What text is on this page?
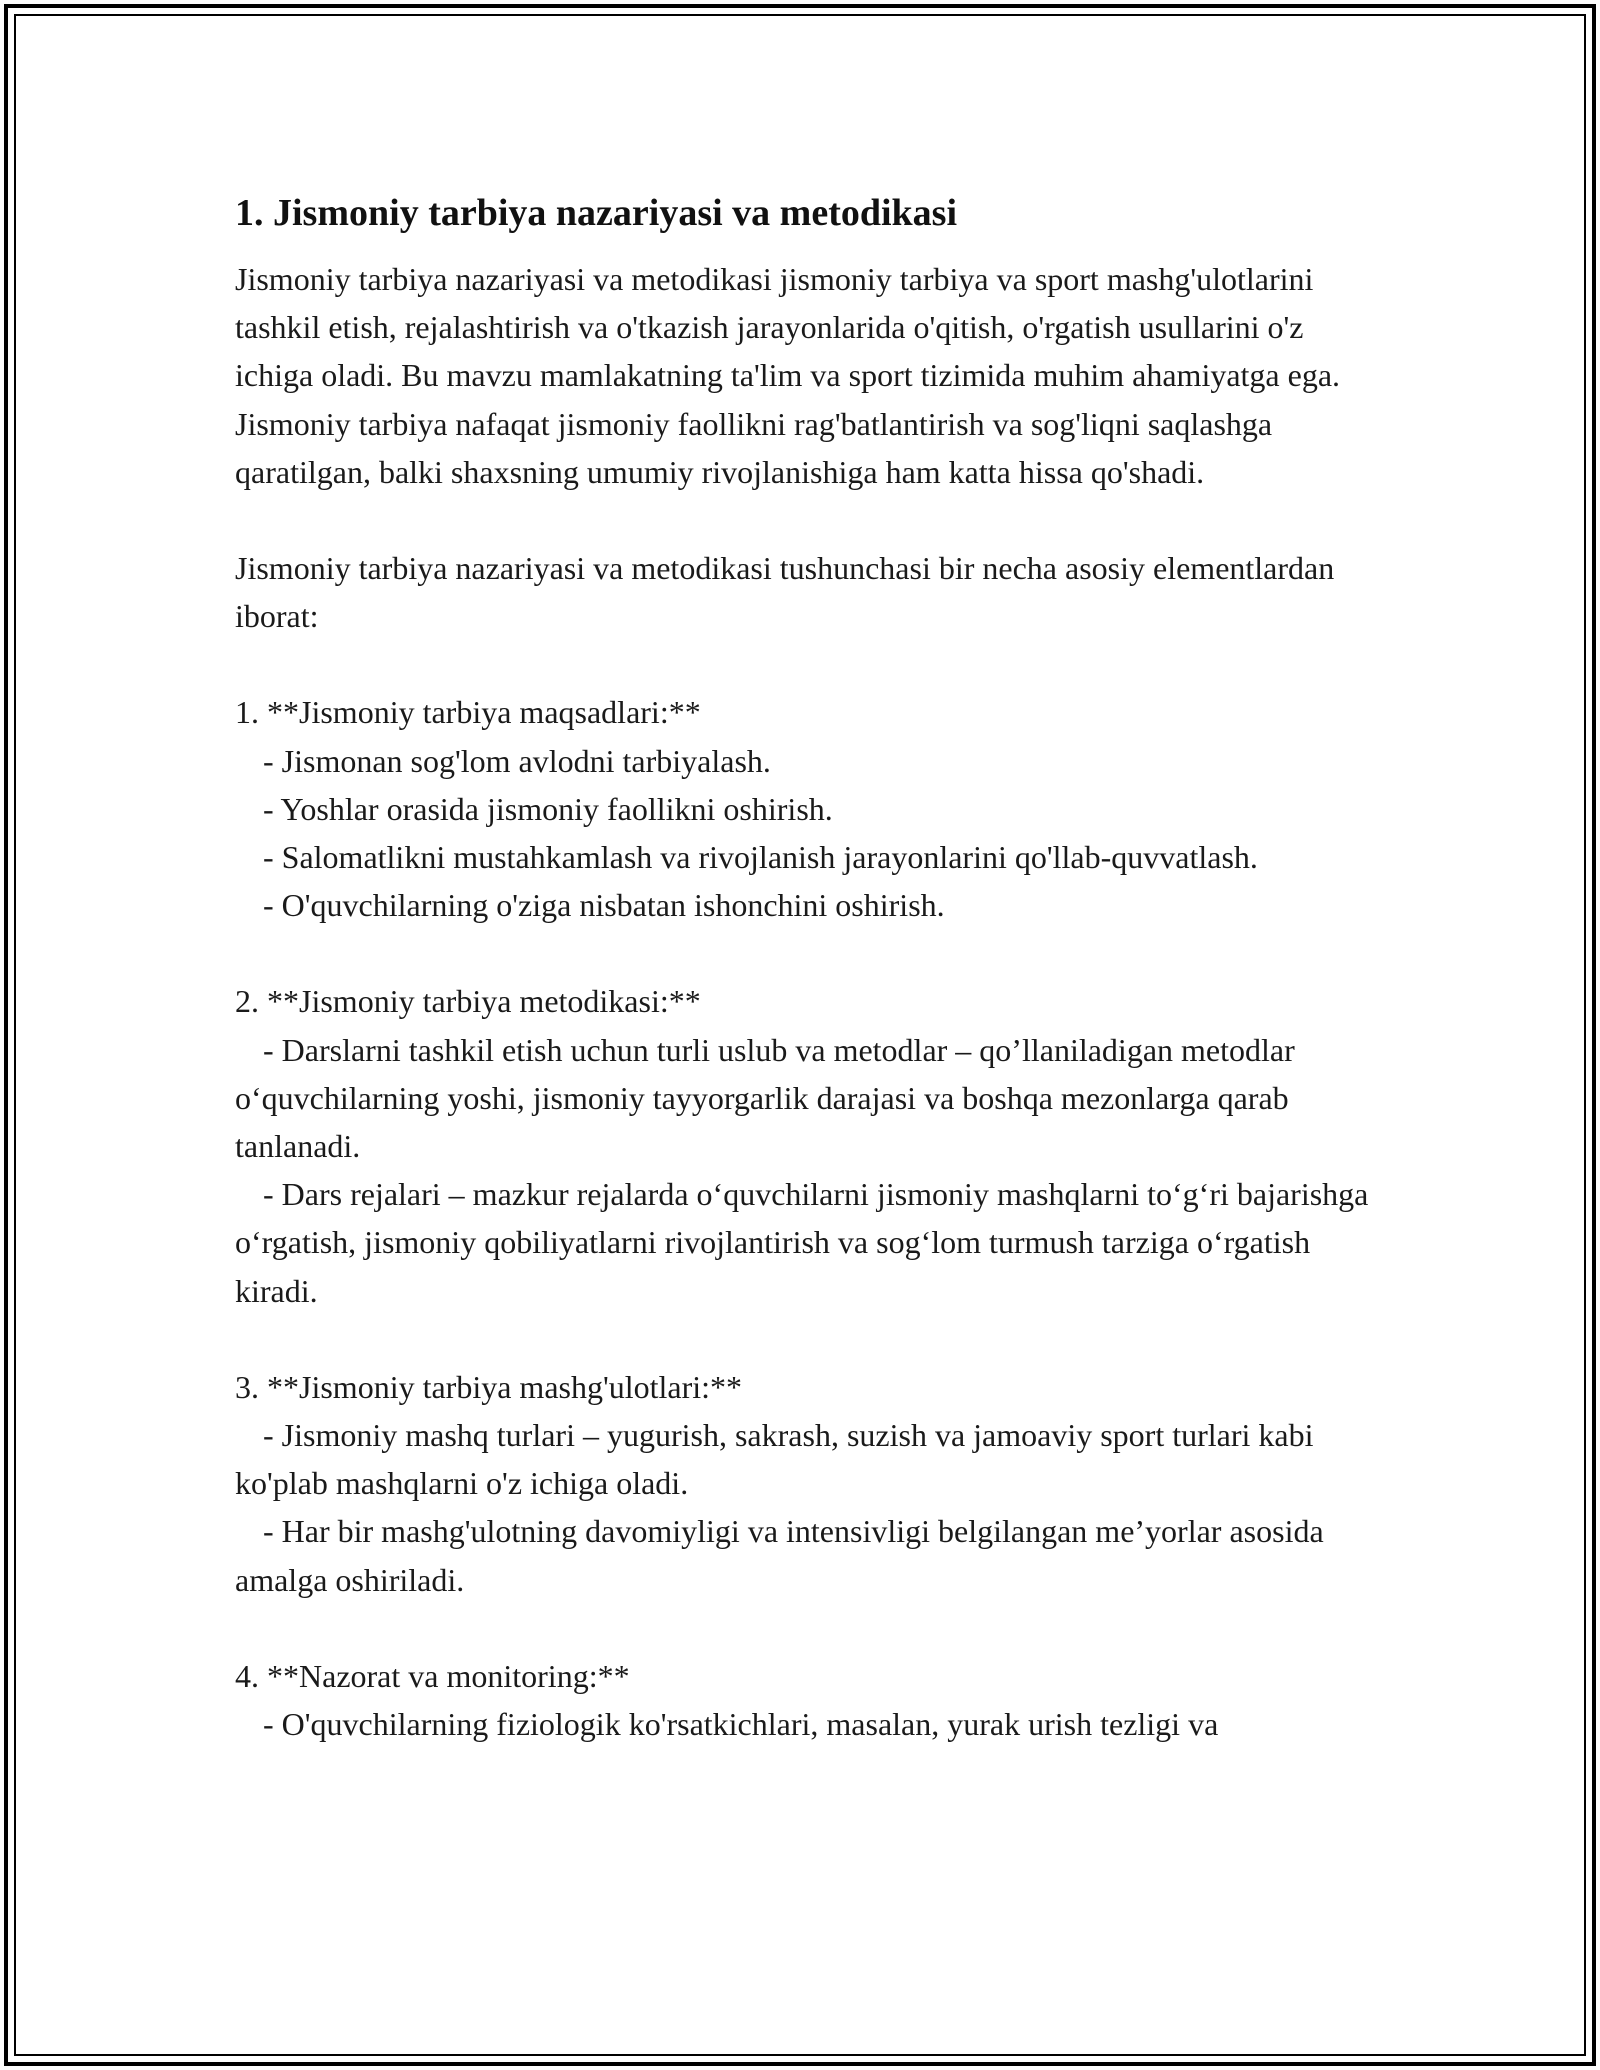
1. Jismoniy tarbiya nazariyasi va metodikasi

Jismoniy tarbiya nazariyasi va metodikasi jismoniy tarbiya va sport mashg'ulotlarini tashkil etish, rejalashtirish va o'tkazish jarayonlarida o'qitish, o'rgatish usullarini o'z ichiga oladi. Bu mavzu mamlakatning ta'lim va sport tizimida muhim ahamiyatga ega. Jismoniy tarbiya nafaqat jismoniy faollikni rag'batlantirish va sog'liqni saqlashga qaratilgan, balki shaxsning umumiy rivojlanishiga ham katta hissa qo'shadi.

Jismoniy tarbiya nazariyasi va metodikasi tushunchasi bir necha asosiy elementlardan iborat:

1. **Jismoniy tarbiya maqsadlari:**

- Jismonan sog'lom avlodni tarbiyalash.

- Yoshlar orasida jismoniy faollikni oshirish.

- Salomatlikni mustahkamlash va rivojlanish jarayonlarini qo'llab-quvvatlash.

- O'quvchilarning o'ziga nisbatan ishonchini oshirish.

2. **Jismoniy tarbiya metodikasi:**

- Darslarni tashkil etish uchun turli uslub va metodlar – qo’llaniladigan metodlar o‘quvchilarning yoshi, jismoniy tayyorgarlik darajasi va boshqa mezonlarga qarab tanlanadi.

- Dars rejalari – mazkur rejalarda o‘quvchilarni jismoniy mashqlarni to‘g‘ri bajarishga o‘rgatish, jismoniy qobiliyatlarni rivojlantirish va sog‘lom turmush tarziga o‘rgatish kiradi.

3. **Jismoniy tarbiya mashg'ulotlari:**

- Jismoniy mashq turlari – yugurish, sakrash, suzish va jamoaviy sport turlari kabi ko'plab mashqlarni o'z ichiga oladi.

- Har bir mashg'ulotning davomiyligi va intensivligi belgilangan me’yorlar asosida amalga oshiriladi.

4. **Nazorat va monitoring:**

- O'quvchilarning fiziologik ko'rsatkichlari, masalan, yurak urish tezligi va
